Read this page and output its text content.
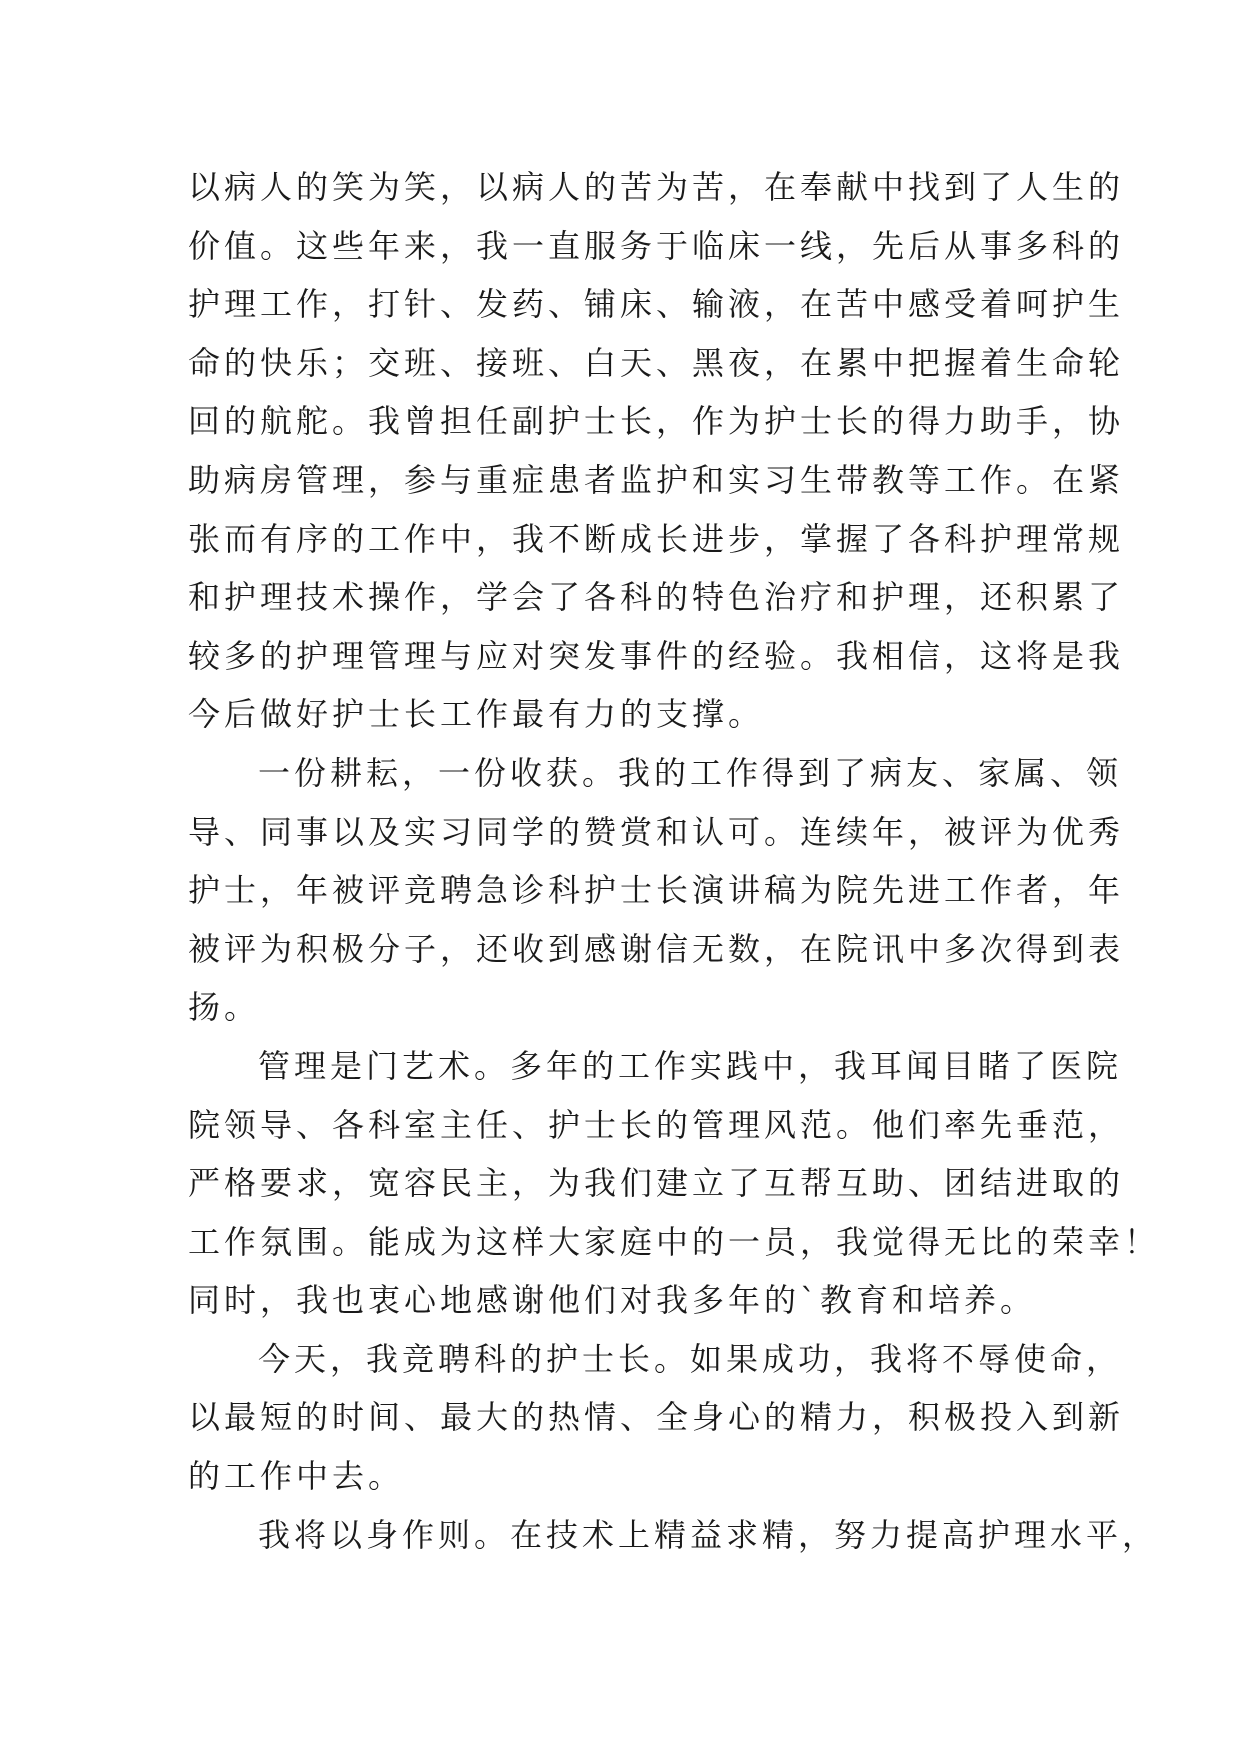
以病人的笑为笑，以病人的苦为苦，在奉献中找到了人生的
价值。这些年来，我一直服务于临床一线，先后从事多科的
护理工作，打针、发药、铺床、输液，在苦中感受着呵护生
命的快乐；交班、接班、白天、黑夜，在累中把握着生命轮
回的航舵。我曾担任副护士长，作为护士长的得力助手，协
助病房管理，参与重症患者监护和实习生带教等工作。在紧
张而有序的工作中，我不断成长进步，掌握了各科护理常规
和护理技术操作，学会了各科的特色治疗和护理，还积累了
较多的护理管理与应对突发事件的经验。我相信，这将是我
今后做好护士长工作最有力的支撑。
一份耕耘，一份收获。我的工作得到了病友、家属、领
导、同事以及实习同学的赞赏和认可。连续年，被评为优秀
护士，年被评竞聘急诊科护士长演讲稿为院先进工作者，年
被评为积极分子，还收到感谢信无数，在院讯中多次得到表
扬。
管理是门艺术。多年的工作实践中，我耳闻目睹了医院
院领导、各科室主任、护士长的管理风范。他们率先垂范，
严格要求，宽容民主，为我们建立了互帮互助、团结进取的
工作氛围。能成为这样大家庭中的一员，我觉得无比的荣幸！
同时，我也衷心地感谢他们对我多年的`教育和培养。
今天，我竞聘科的护士长。如果成功，我将不辱使命，
以最短的时间、最大的热情、全身心的精力，积极投入到新
的工作中去。
我将以身作则。在技术上精益求精，努力提高护理水平，
